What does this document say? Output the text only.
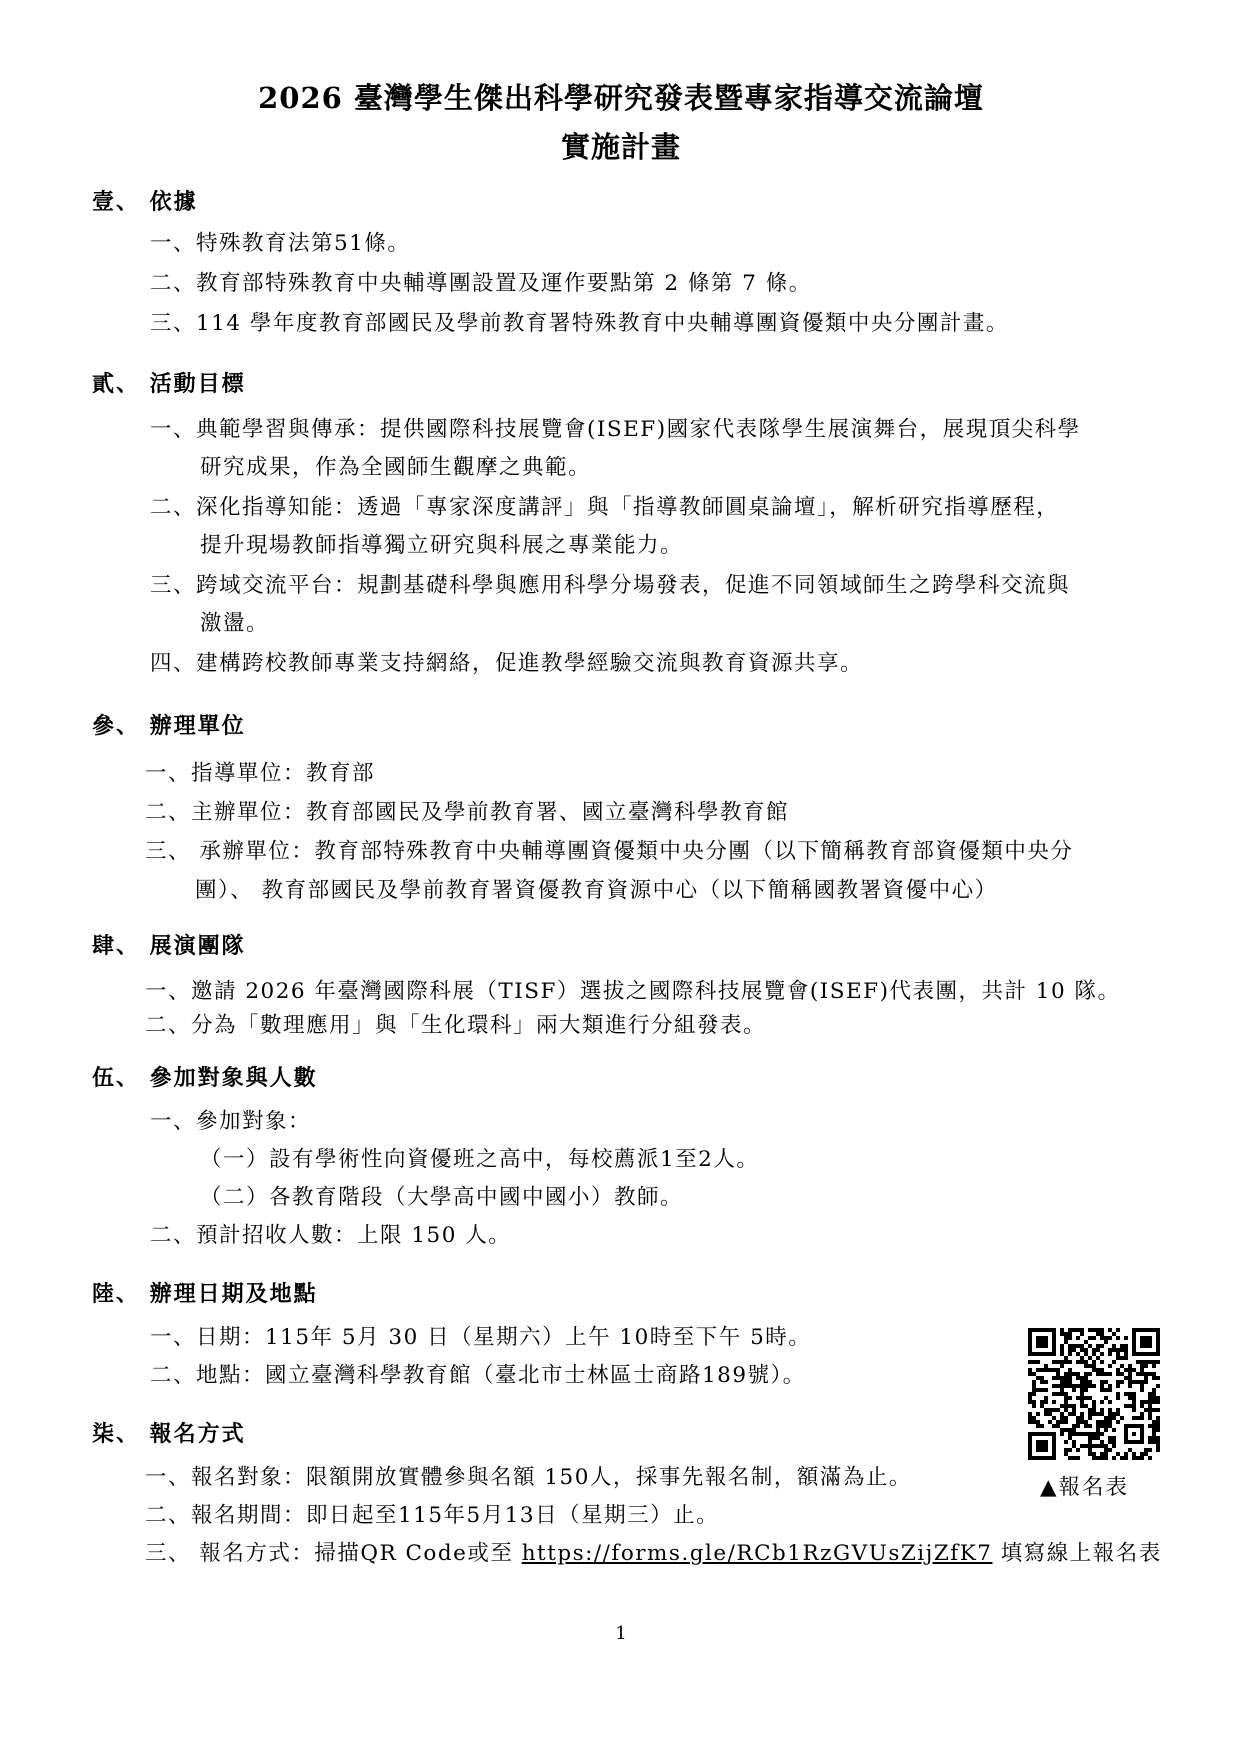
2026 臺灣學生傑出科學研究發表暨專家指導交流論壇
實施計畫
壹、 依據
一、特殊教育法第51條。
二、教育部特殊教育中央輔導團設置及運作要點第 2 條第 7 條。
三、114 學年度教育部國民及學前教育署特殊教育中央輔導團資優類中央分團計畫。
貳、 活動目標
一、典範學習與傳承：提供國際科技展覽會(ISEF)國家代表隊學生展演舞台，展現頂尖科學
研究成果，作為全國師生觀摩之典範。
二、深化指導知能：透過「專家深度講評」與「指導教師圓桌論壇」，解析研究指導歷程，
提升現場教師指導獨立研究與科展之專業能力。
三、跨域交流平台：規劃基礎科學與應用科學分場發表，促進不同領域師生之跨學科交流與
激盪。
四、建構跨校教師專業支持網絡，促進教學經驗交流與教育資源共享。
參、 辦理單位
一、指導單位：教育部
二、主辦單位：教育部國民及學前教育署、國立臺灣科學教育館
三、 承辦單位：教育部特殊教育中央輔導團資優類中央分團（以下簡稱教育部資優類中央分
團）、 教育部國民及學前教育署資優教育資源中心（以下簡稱國教署資優中心）
肆、 展演團隊
一、邀請 2026 年臺灣國際科展（TISF）選拔之國際科技展覽會(ISEF)代表團，共計 10 隊。
二、分為「數理應用」與「生化環科」兩大類進行分組發表。
伍、 參加對象與人數
一、參加對象：
（一）設有學術性向資優班之高中，每校薦派1至2人。
（二）各教育階段（大學高中國中國小）教師。
二、預計招收人數：上限 150 人。
陸、 辦理日期及地點
一、日期：115年 5月 30 日（星期六）上午 10時至下午 5時。
二、地點：國立臺灣科學教育館（臺北市士林區士商路189號）。
柒、 報名方式
一、報名對象：限額開放實體參與名額 150人，採事先報名制，額滿為止。
二、報名期間：即日起至115年5月13日（星期三）止。
三、 報名方式：掃描QR Code或至 https://forms.gle/RCb1RzGVUsZijZfK7 填寫線上報名表
▲報名表
1
